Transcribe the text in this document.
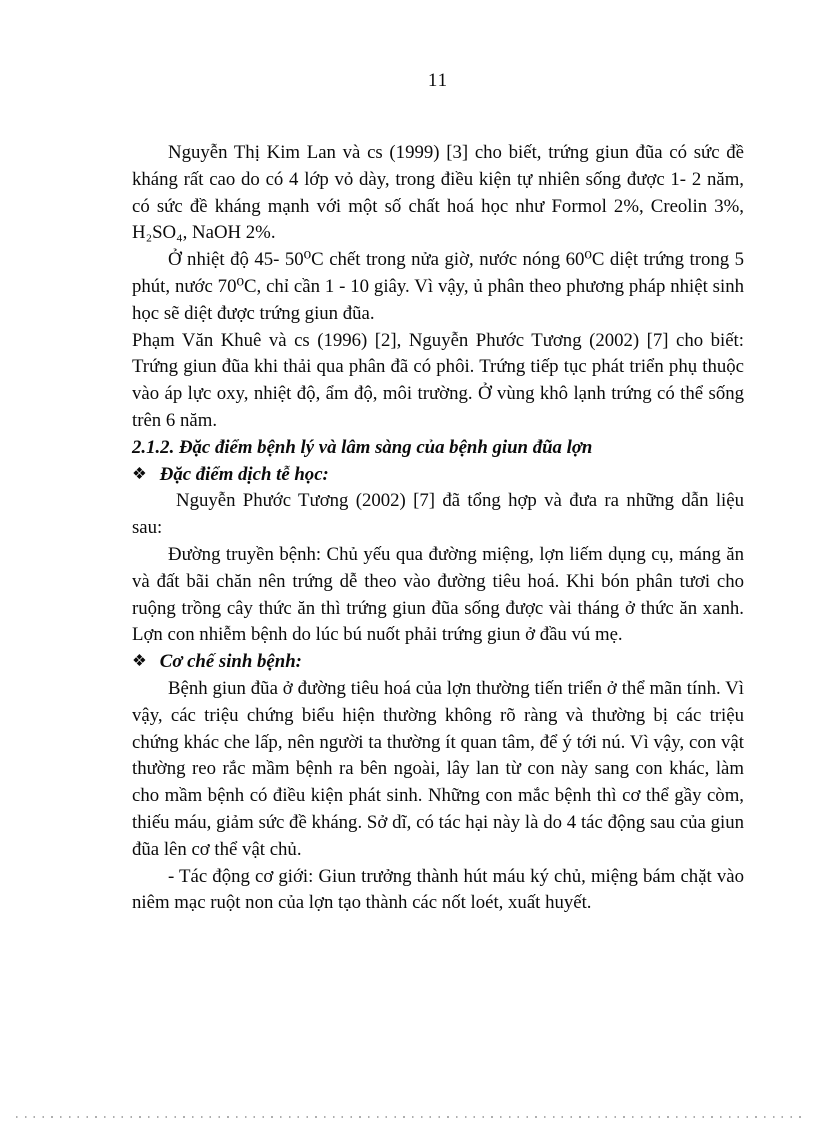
11

Nguyễn Thị Kim Lan và cs (1999) [3] cho biết, trứng giun đũa có sức đề kháng rất cao do có 4 lớp vỏ dày, trong điều kiện tự nhiên sống được 1- 2 năm, có sức đề kháng mạnh với một số chất hoá học như Formol 2%, Creolin 3%, H₂SO₄, NaOH 2%.

Ở nhiệt độ 45- 50⁰C chết trong nửa giờ, nước nóng 60⁰C diệt trứng trong 5 phút, nước 70⁰C, chỉ cần 1 - 10 giây. Vì vậy, ủ phân theo phương pháp nhiệt sinh học sẽ diệt được trứng giun đũa.

Phạm Văn Khuê và cs (1996) [2], Nguyễn Phước Tương (2002) [7] cho biết: Trứng giun đũa khi thải qua phân đã có phôi. Trứng tiếp tục phát triển phụ thuộc vào áp lực oxy, nhiệt độ, ẩm độ, môi trường. Ở vùng khô lạnh trứng có thể sống trên 6 năm.

2.1.2. Đặc điểm bệnh lý và lâm sàng của bệnh giun đũa lợn

❖ Đặc điểm dịch tễ học:

Nguyễn Phước Tương (2002) [7] đã tổng hợp và đưa ra những dẫn liệu sau:

Đường truyền bệnh: Chủ yếu qua đường miệng, lợn liếm dụng cụ, máng ăn và đất bãi chăn nên trứng dễ theo vào đường tiêu hoá. Khi bón phân tươi cho ruộng trồng cây thức ăn thì trứng giun đũa sống được vài tháng ở thức ăn xanh. Lợn con nhiễm bệnh do lúc bú nuốt phải trứng giun ở đầu vú mẹ.

❖ Cơ chế sinh bệnh:

Bệnh giun đũa ở đường tiêu hoá của lợn thường tiến triển ở thể mãn tính. Vì vậy, các triệu chứng biểu hiện thường không rõ ràng và thường bị các triệu chứng khác che lấp, nên người ta thường ít quan tâm, để ý tới nú. Vì vậy, con vật thường reo rắc mầm bệnh ra bên ngoài, lây lan từ con này sang con khác, làm cho mầm bệnh có điều kiện phát sinh. Những con mắc bệnh thì cơ thể gầy còm, thiếu máu, giảm sức đề kháng. Sở dĩ, có tác hại này là do 4 tác động sau của giun đũa lên cơ thể vật chủ.

- Tác động cơ giới: Giun trưởng thành hút máu ký chủ, miệng bám chặt vào niêm mạc ruột non của lợn tạo thành các nốt loét, xuất huyết.
